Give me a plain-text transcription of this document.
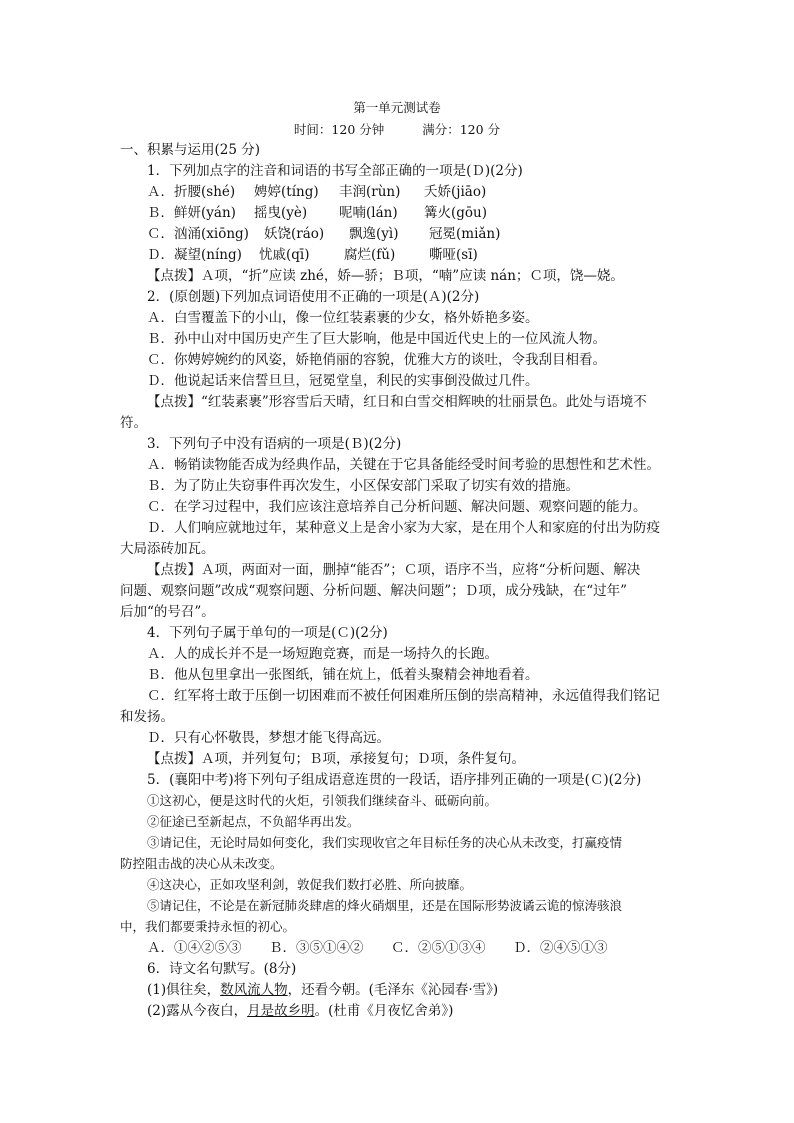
第一单元测试卷
时间：120 分钟	满分：120 分
一、积累与运用(25 分)
1．下列加点字的注音和词语的书写全部正确的一项是(Ｄ)(2分)
Ａ．折腰(shé) 娉婷(tíng) 丰润(rùn) 夭娇(jiāo)
Ｂ．鲜妍(yán) 摇曳(yè) 呢喃(lán) 篝火(gōu)
Ｃ．汹涌(xiōng) 妖饶(ráo) 飘逸(yì) 冠冕(miǎn)
Ｄ．凝望(níng) 忧戚(qī)	腐烂(fǔ)	嘶哑(sī)
【点拨】Ａ项，“折”应读 zhé，娇—骄；Ｂ项，“喃”应读 nán；Ｃ项，饶—娆。
2．(原创题)下列加点词语使用不正确的一项是(Ａ)(2分)
Ａ．白雪覆盖下的小山，像一位红装素裹的少女，格外娇艳多姿。
Ｂ．孙中山对中国历史产生了巨大影响，他是中国近代史上的一位风流人物。
Ｃ．你娉婷婉约的风姿，娇艳俏丽的容貌，优雅大方的谈吐，令我刮目相看。
Ｄ．他说起话来信誓旦旦，冠冕堂皇，利民的实事倒没做过几件。
【点拨】“红装素裹”形容雪后天晴，红日和白雪交相辉映的壮丽景色。此处与语境不
符。
3．下列句子中没有语病的一项是(Ｂ)(2分)
Ａ．畅销读物能否成为经典作品，关键在于它具备能经受时间考验的思想性和艺术性。
Ｂ．为了防止失窃事件再次发生，小区保安部门采取了切实有效的措施。
Ｃ．在学习过程中，我们应该注意培养自己分析问题、解决问题、观察问题的能力。
Ｄ．人们响应就地过年，某种意义上是舍小家为大家，是在用个人和家庭的付出为防疫
大局添砖加瓦。
【点拨】Ａ项，两面对一面，删掉“能否”；Ｃ项，语序不当，应将“分析问题、解决
问题、观察问题”改成“观察问题、分析问题、解决问题”；Ｄ项，成分残缺，在“过年”
后加“的号召”。
4．下列句子属于单句的一项是(Ｃ)(2分)
Ａ．人的成长并不是一场短跑竞赛，而是一场持久的长跑。
Ｂ．他从包里拿出一张图纸，铺在炕上，低着头聚精会神地看着。
Ｃ．红军将士敢于压倒一切困难而不被任何困难所压倒的崇高精神，永远值得我们铭记
和发扬。
Ｄ．只有心怀敬畏，梦想才能飞得高远。
【点拨】Ａ项，并列复句；Ｂ项，承接复句；Ｄ项，条件复句。
5．(襄阳中考)将下列句子组成语意连贯的一段话，语序排列正确的一项是(Ｃ)(2分)
①这初心，便是这时代的火炬，引领我们继续奋斗、砥砺向前。
②征途已至新起点，不负韶华再出发。
③请记住，无论时局如何变化，我们实现收官之年目标任务的决心从未改变，打赢疫情
防控阻击战的决心从未改变。
④这决心，正如攻坚利剑，敦促我们数打必胜、所向披靡。
⑤请记住，不论是在新冠肺炎肆虐的烽火硝烟里，还是在国际形势波谲云诡的惊涛骇浪
中，我们都要秉持永恒的初心。
Ａ．①④②⑤③ Ｂ．③⑤①④② Ｃ．②⑤①③④ Ｄ．②④⑤①③
6．诗文名句默写。(8分)
(1)俱往矣，数风流人物，还看今朝。(毛泽东《沁园春·雪》)
(2)露从今夜白，月是故乡明。(杜甫《月夜忆舍弟》)
